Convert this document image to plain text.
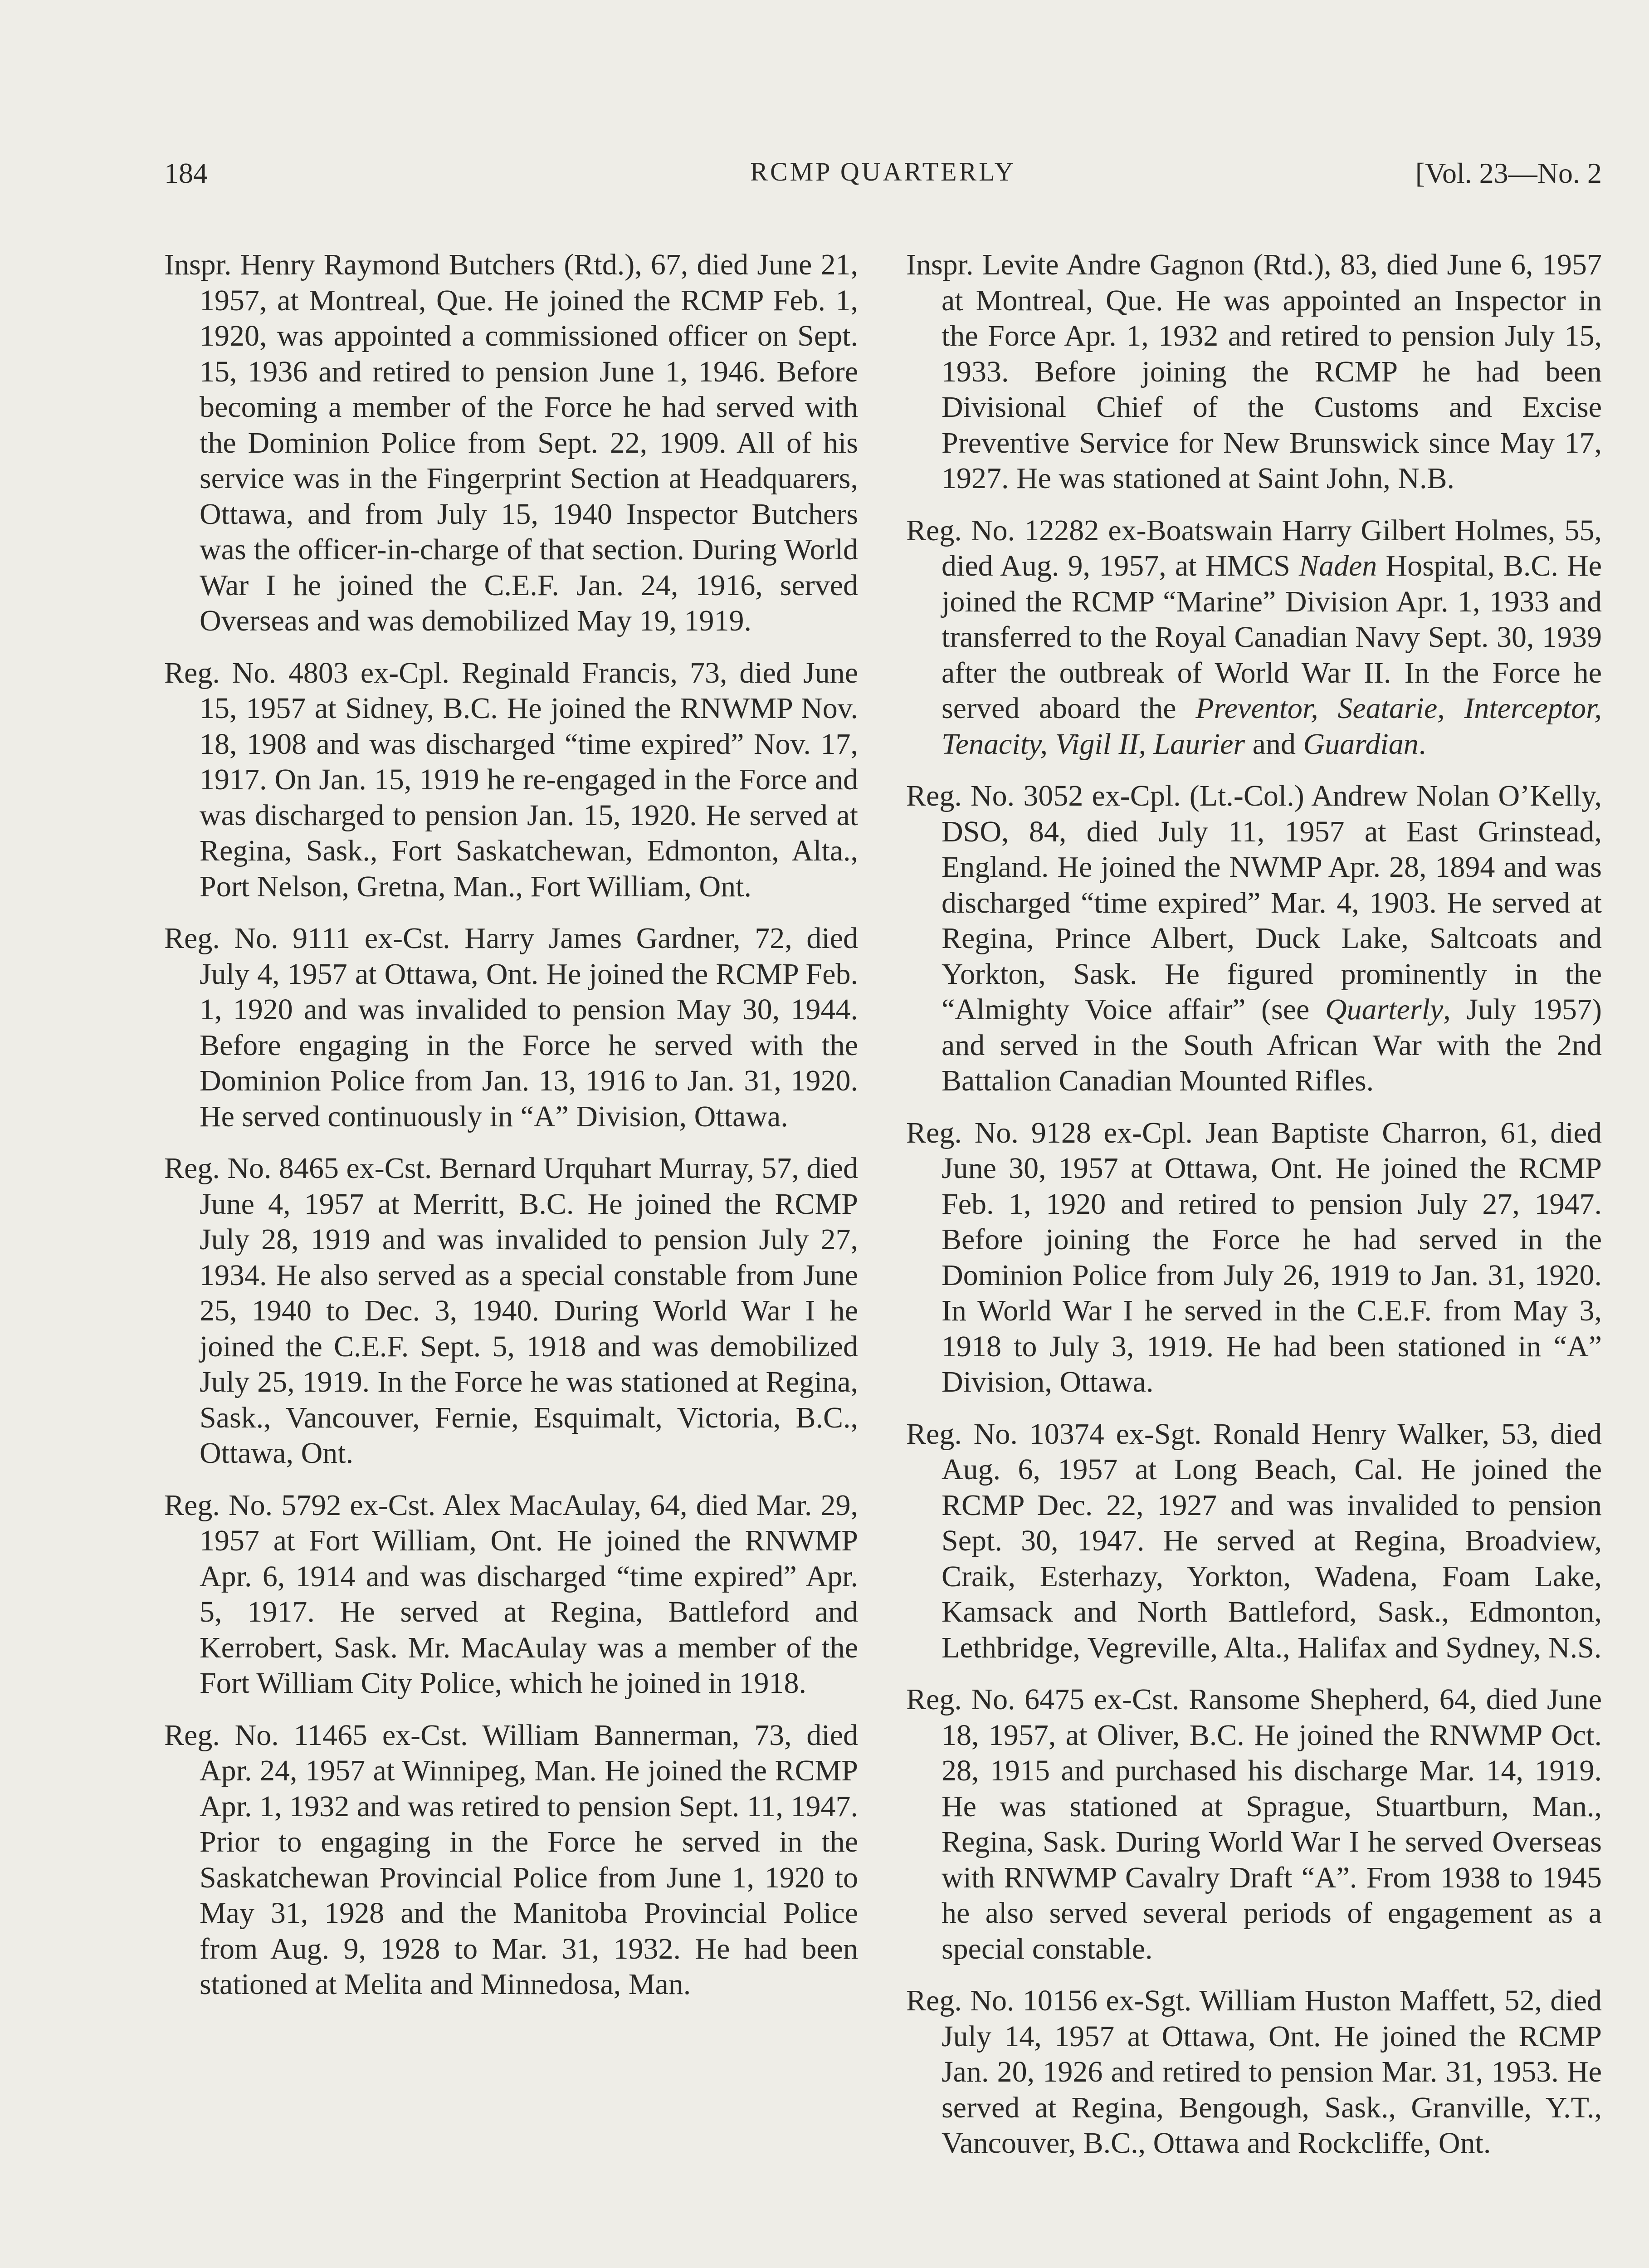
184	RCMP QUARTERLY	[Vol. 23—No. 2

Inspr. Henry Raymond Butchers (Rtd.), 67, died June 21, 1957, at Montreal, Que. He joined the RCMP Feb. 1, 1920, was appointed a commissioned officer on Sept. 15, 1936 and retired to pension June 1, 1946. Before becoming a member of the Force he had served with the Dominion Police from Sept. 22, 1909. All of his service was in the Fingerprint Section at Headquarers, Ottawa, and from July 15, 1940 Inspector Butchers was the officer-in-charge of that section. During World War I he joined the C.E.F. Jan. 24, 1916, served Overseas and was demobilized May 19, 1919.

Reg. No. 4803 ex-Cpl. Reginald Francis, 73, died June 15, 1957 at Sidney, B.C. He joined the RNWMP Nov. 18, 1908 and was discharged “time expired” Nov. 17, 1917. On Jan. 15, 1919 he re-engaged in the Force and was discharged to pension Jan. 15, 1920. He served at Regina, Sask., Fort Saskatchewan, Edmonton, Alta., Port Nelson, Gretna, Man., Fort William, Ont.

Reg. No. 9111 ex-Cst. Harry James Gardner, 72, died July 4, 1957 at Ottawa, Ont. He joined the RCMP Feb. 1, 1920 and was invalided to pension May 30, 1944. Before engaging in the Force he served with the Dominion Police from Jan. 13, 1916 to Jan. 31, 1920. He served continuously in “A” Division, Ottawa.

Reg. No. 8465 ex-Cst. Bernard Urquhart Murray, 57, died June 4, 1957 at Merritt, B.C. He joined the RCMP July 28, 1919 and was invalided to pension July 27, 1934. He also served as a special constable from June 25, 1940 to Dec. 3, 1940. During World War I he joined the C.E.F. Sept. 5, 1918 and was demobilized July 25, 1919. In the Force he was stationed at Regina, Sask., Vancouver, Fernie, Esquimalt, Victoria, B.C., Ottawa, Ont.

Reg. No. 5792 ex-Cst. Alex MacAulay, 64, died Mar. 29, 1957 at Fort William, Ont. He joined the RNWMP Apr. 6, 1914 and was discharged “time expired” Apr. 5, 1917. He served at Regina, Battleford and Kerrobert, Sask. Mr. MacAulay was a member of the Fort William City Police, which he joined in 1918.

Reg. No. 11465 ex-Cst. William Bannerman, 73, died Apr. 24, 1957 at Winnipeg, Man. He joined the RCMP Apr. 1, 1932 and was retired to pension Sept. 11, 1947. Prior to engaging in the Force he served in the Saskatchewan Provincial Police from June 1, 1920 to May 31, 1928 and the Manitoba Provincial Police from Aug. 9, 1928 to Mar. 31, 1932. He had been stationed at Melita and Minnedosa, Man.

Inspr. Levite Andre Gagnon (Rtd.), 83, died June 6, 1957 at Montreal, Que. He was appointed an Inspector in the Force Apr. 1, 1932 and retired to pension July 15, 1933. Before joining the RCMP he had been Divisional Chief of the Customs and Excise Preventive Service for New Brunswick since May 17, 1927. He was stationed at Saint John, N.B.

Reg. No. 12282 ex-Boatswain Harry Gilbert Holmes, 55, died Aug. 9, 1957, at HMCS Naden Hospital, B.C. He joined the RCMP “Marine” Division Apr. 1, 1933 and transferred to the Royal Canadian Navy Sept. 30, 1939 after the outbreak of World War II. In the Force he served aboard the Preventor, Seatarie, Interceptor, Tenacity, Vigil II, Laurier and Guardian.

Reg. No. 3052 ex-Cpl. (Lt.-Col.) Andrew Nolan O’Kelly, DSO, 84, died July 11, 1957 at East Grinstead, England. He joined the NWMP Apr. 28, 1894 and was discharged “time expired” Mar. 4, 1903. He served at Regina, Prince Albert, Duck Lake, Saltcoats and Yorkton, Sask. He figured prominently in the “Almighty Voice affair” (see Quarterly, July 1957) and served in the South African War with the 2nd Battalion Canadian Mounted Rifles.

Reg. No. 9128 ex-Cpl. Jean Baptiste Charron, 61, died June 30, 1957 at Ottawa, Ont. He joined the RCMP Feb. 1, 1920 and retired to pension July 27, 1947. Before joining the Force he had served in the Dominion Police from July 26, 1919 to Jan. 31, 1920. In World War I he served in the C.E.F. from May 3, 1918 to July 3, 1919. He had been stationed in “A” Division, Ottawa.

Reg. No. 10374 ex-Sgt. Ronald Henry Walker, 53, died Aug. 6, 1957 at Long Beach, Cal. He joined the RCMP Dec. 22, 1927 and was invalided to pension Sept. 30, 1947. He served at Regina, Broadview, Craik, Esterhazy, Yorkton, Wadena, Foam Lake, Kamsack and North Battleford, Sask., Edmonton, Lethbridge, Vegreville, Alta., Halifax and Sydney, N.S.

Reg. No. 6475 ex-Cst. Ransome Shepherd, 64, died June 18, 1957, at Oliver, B.C. He joined the RNWMP Oct. 28, 1915 and purchased his discharge Mar. 14, 1919. He was stationed at Sprague, Stuartburn, Man., Regina, Sask. During World War I he served Overseas with RNWMP Cavalry Draft “A”. From 1938 to 1945 he also served several periods of engagement as a special constable.

Reg. No. 10156 ex-Sgt. William Huston Maffett, 52, died July 14, 1957 at Ottawa, Ont. He joined the RCMP Jan. 20, 1926 and retired to pension Mar. 31, 1953. He served at Regina, Bengough, Sask., Granville, Y.T., Vancouver, B.C., Ottawa and Rockcliffe, Ont.
